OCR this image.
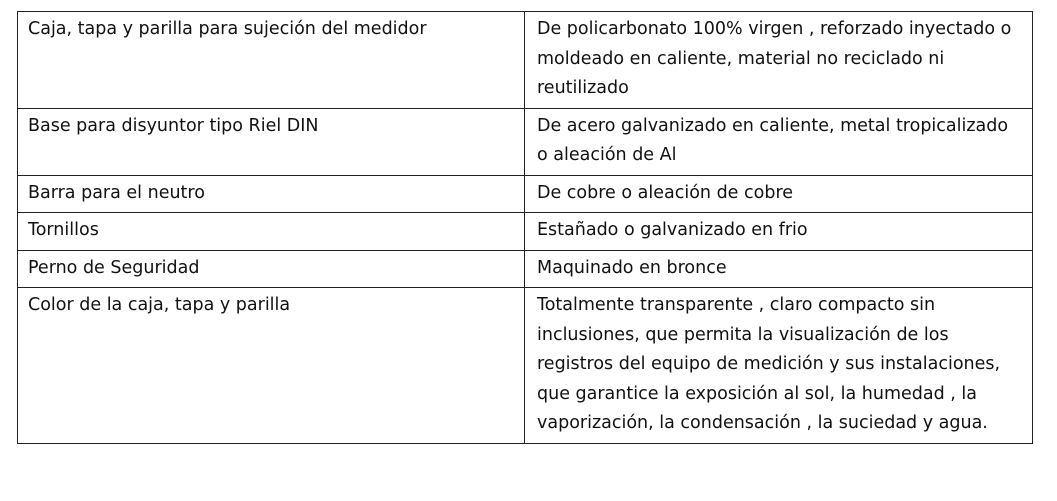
Caja, tapa y parilla para sujeción del medidor	De policarbonato 100% virgen , reforzado inyectado o moldeado en caliente, material no reciclado ni reutilizado
Base para disyuntor tipo Riel DIN	De acero galvanizado en caliente, metal tropicalizado o aleación de Al
Barra para el neutro	De cobre o aleación de cobre
Tornillos	Estañado o galvanizado en frio
Perno de Seguridad	Maquinado en bronce
Color de la caja, tapa y parilla	Totalmente transparente , claro compacto sin inclusiones, que permita la visualización de los registros del equipo de medición y sus instalaciones, que garantice la exposición al sol, la humedad , la vaporización, la condensación , la suciedad y agua.
